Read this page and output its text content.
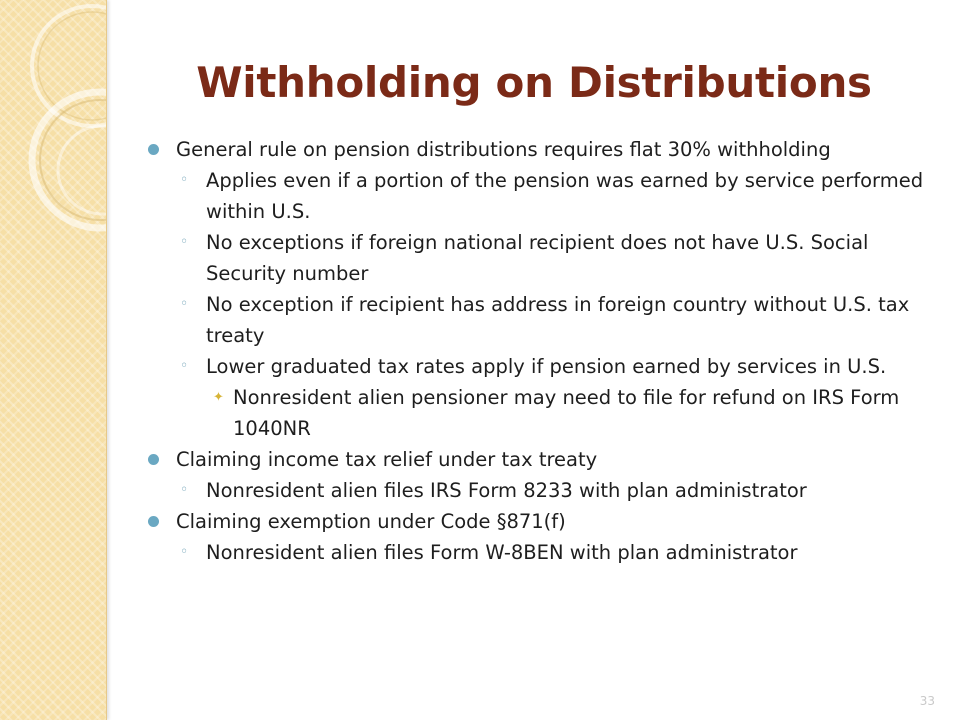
Withholding on Distributions
General rule on pension distributions requires flat 30% withholding
◦ Applies even if a portion of the pension was earned by service performed within U.S.
◦ No exceptions if foreign national recipient does not have U.S. Social Security number
◦ No exception if recipient has address in foreign country without U.S. tax treaty
◦ Lower graduated tax rates apply if pension earned by services in U.S.
✦ Nonresident alien pensioner may need to file for refund on IRS Form 1040NR
Claiming income tax relief under tax treaty
◦ Nonresident alien files IRS Form 8233 with plan administrator
Claiming exemption under Code §871(f)
◦ Nonresident alien files Form W-8BEN with plan administrator
33
